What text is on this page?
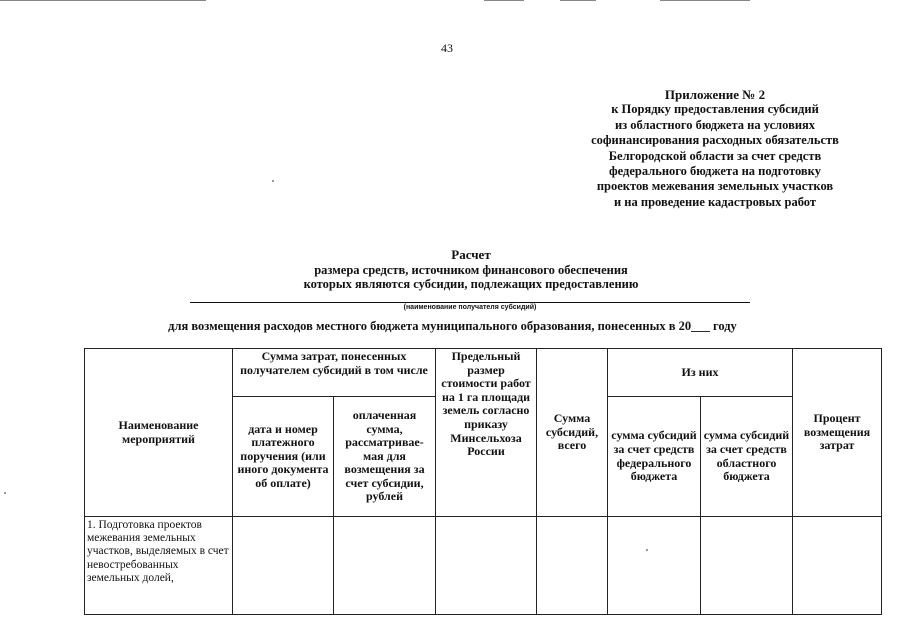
43
Приложение № 2
к Порядку предоставления субсидий
из областного бюджета на условиях
софинансирования расходных обязательств
Белгородской области за счет средств
федерального бюджета на подготовку
проектов межевания земельных участков
и на проведение кадастровых работ
Расчет
размера средств, источником финансового обеспечения
которых являются субсидии, подлежащих предоставлению
(наименование получателя субсидий)
для возмещения расходов местного бюджета муниципального образования, понесенных в 20___ году
Наименование мероприятий	Сумма затрат, понесенных получателем субсидий в том числе		Предельный размер стоимости работ на 1 га площади земель согласно приказу Минсельхоза России	Сумма субсидий, всего	Из них		Процент возмещения затрат
	дата и номер платежного поручения (или иного документа об оплате)	оплаченная сумма, рассматривае-мая для возмещения за счет субсидии, рублей			сумма субсидий за счет средств федерального бюджета	сумма субсидий за счет средств областного бюджета	
1. Подготовка проектов межевания земельных участков, выделяемых в счет невостребованных земельных долей,							
